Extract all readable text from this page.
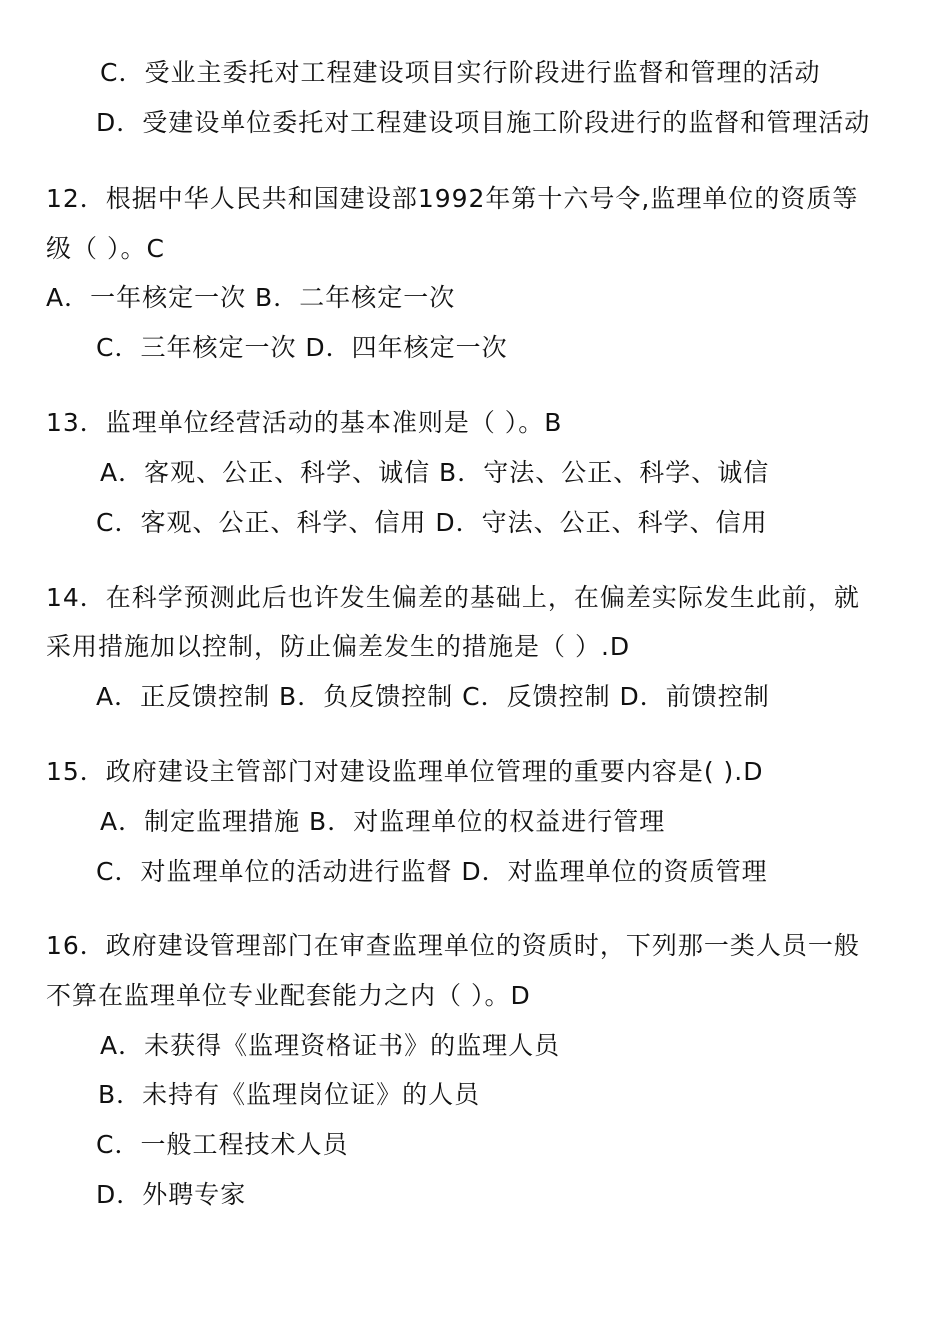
C．受业主委托对工程建设项目实行阶段进行监督和管理的活动
D．受建设单位委托对工程建设项目施工阶段进行的监督和管理活动
12．根据中华人民共和国建设部1992年第十六号令,监理单位的资质等
级（ ）。C
A．一年核定一次 B．二年核定一次
C．三年核定一次 D．四年核定一次
13．监理单位经营活动的基本准则是（ ）。B
A．客观、公正、科学、诚信 B．守法、公正、科学、诚信
C．客观、公正、科学、信用 D．守法、公正、科学、信用
14．在科学预测此后也许发生偏差的基础上，在偏差实际发生此前，就
采用措施加以控制，防止偏差发生的措施是（ ）.D
A．正反馈控制 B．负反馈控制 C．反馈控制 D．前馈控制
15．政府建设主管部门对建设监理单位管理的重要内容是( ).D
A．制定监理措施 B．对监理单位的权益进行管理
C．对监理单位的活动进行监督 D．对监理单位的资质管理
16．政府建设管理部门在审查监理单位的资质时，下列那一类人员一般
不算在监理单位专业配套能力之内（ ）。D
A．未获得《监理资格证书》的监理人员
B．未持有《监理岗位证》的人员
C．一般工程技术人员
D．外聘专家
